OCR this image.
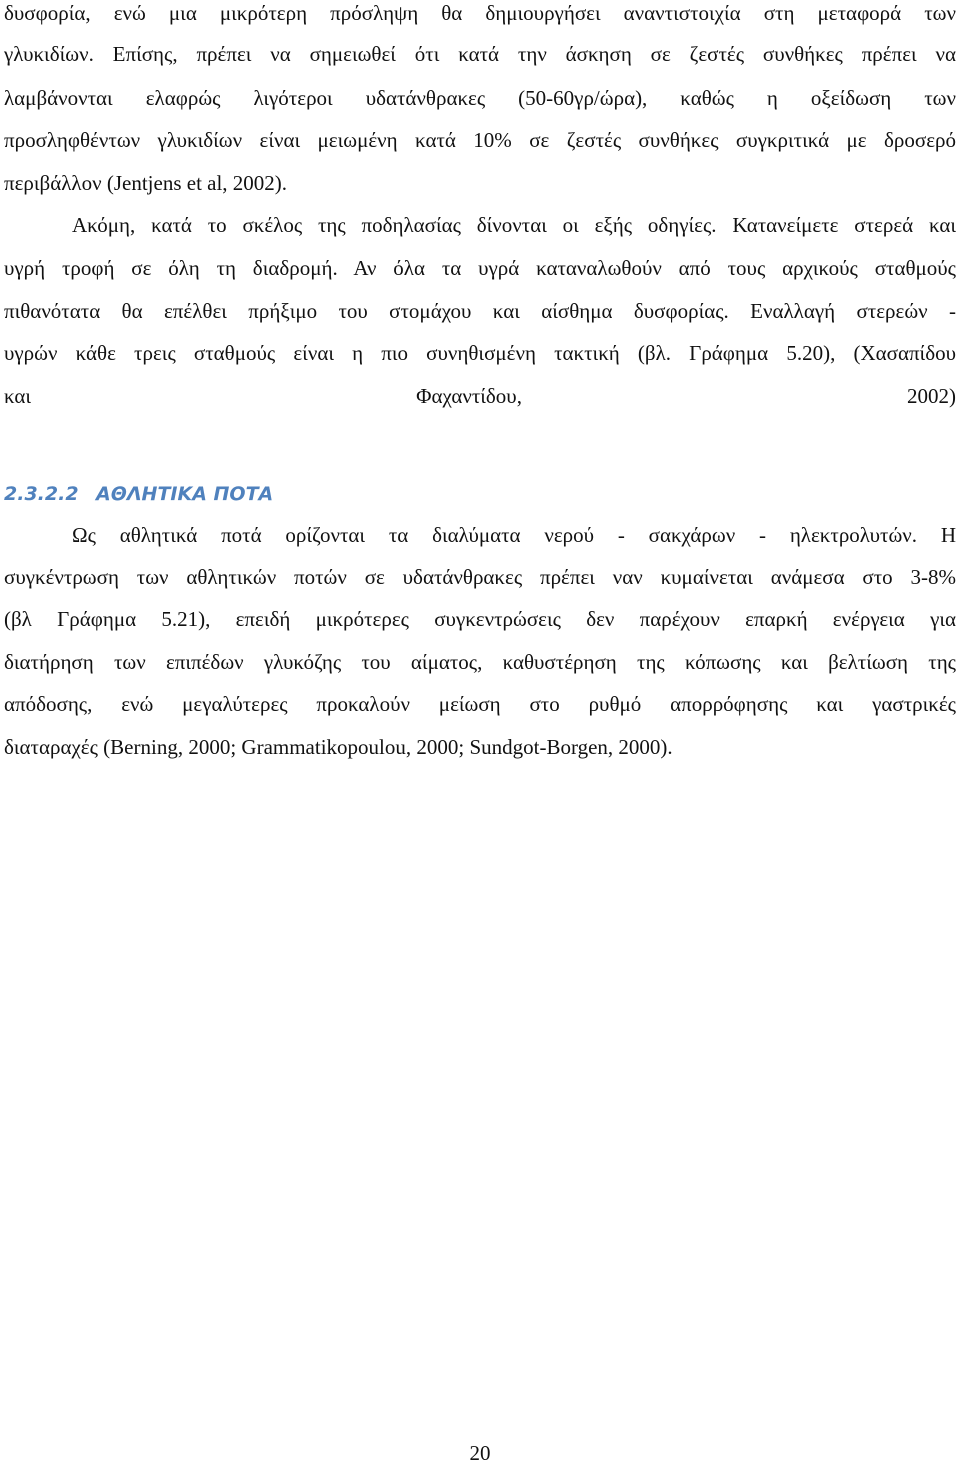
δυσφορία, ενώ μια μικρότερη πρόσληψη θα δημιουργήσει αναντιστοιχία στη μεταφορά των
γλυκιδίων. Επίσης, πρέπει να σημειωθεί ότι κατά την άσκηση σε ζεστές συνθήκες πρέπει να
λαμβάνονται ελαφρώς λιγότεροι υδατάνθρακες (50-60γρ/ώρα), καθώς η οξείδωση των
προσληφθέντων γλυκιδίων είναι μειωμένη κατά 10% σε ζεστές συνθήκες συγκριτικά με δροσερό
περιβάλλον (Jentjens et al, 2002).
Ακόμη, κατά το σκέλος της ποδηλασίας δίνονται οι εξής οδηγίες. Κατανείμετε στερεά και
υγρή τροφή σε όλη τη διαδρομή. Αν όλα τα υγρά καταναλωθούν από τους αρχικούς σταθμούς
πιθανότατα θα επέλθει πρήξιμο του στομάχου και αίσθημα δυσφορίας. Εναλλαγή στερεών -
υγρών κάθε τρεις σταθμούς είναι η πιο συνηθισμένη τακτική (βλ. Γράφημα 5.20), (Χασαπίδου
και Φαχαντίδου, 2002)
2.3.2.2 ΑΘΛΗΤΙΚΑ ΠΟΤΑ
Ως αθλητικά ποτά ορίζονται τα διαλύματα νερού - σακχάρων - ηλεκτρολυτών. Η
συγκέντρωση των αθλητικών ποτών σε υδατάνθρακες πρέπει ναν κυμαίνεται ανάμεσα στο 3-8%
(βλ Γράφημα 5.21), επειδή μικρότερες συγκεντρώσεις δεν παρέχουν επαρκή ενέργεια για
διατήρηση των επιπέδων γλυκόζης του αίματος, καθυστέρηση της κόπωσης και βελτίωση της
απόδοσης, ενώ μεγαλύτερες προκαλούν μείωση στο ρυθμό απορρόφησης και γαστρικές
διαταραχές (Berning, 2000; Grammatikopoulou, 2000; Sundgot-Borgen, 2000).
20
